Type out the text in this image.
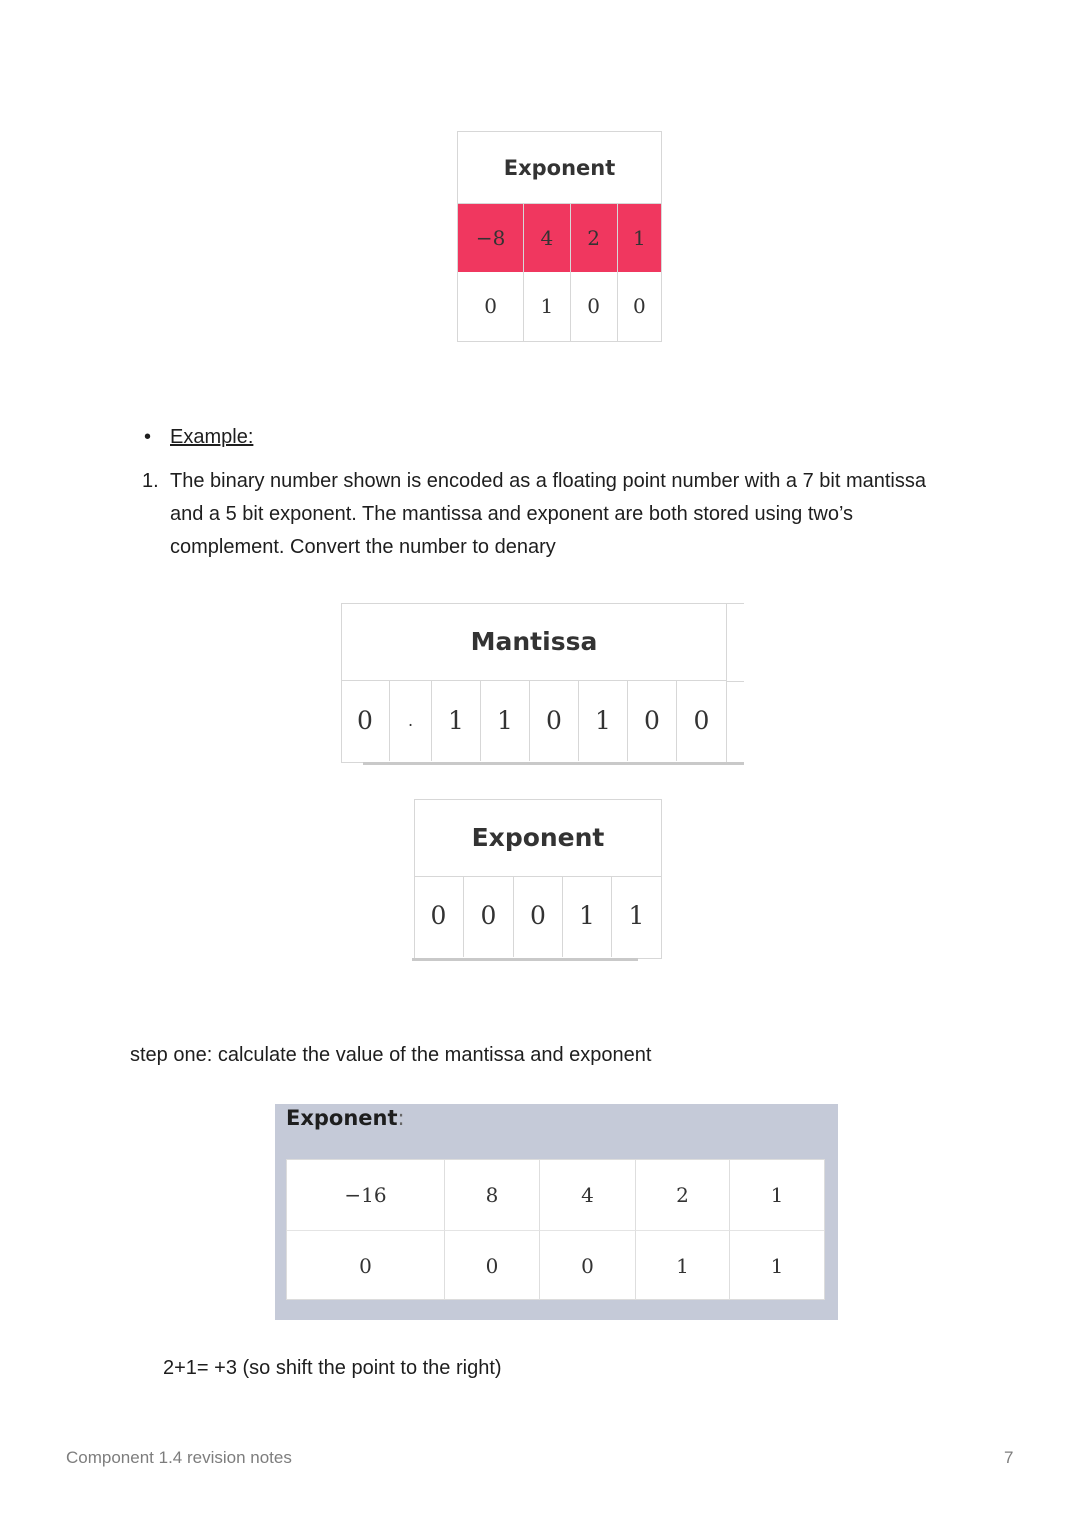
Exponent			
−8	4	2	1
0	1	0	0
• Example:
1. The binary number shown is encoded as a floating point number with a 7 bit mantissa and a 5 bit exponent. The mantissa and exponent are both stored using two’s complement. Convert the number to denary
Mantissa
0	.	1	1	0	1	0	0
Exponent
0	0	0	1	1
step one: calculate the value of the mantissa and exponent
Exponent:
−16	8	4	2	1
0	0	0	1	1
2+1= +3 (so shift the point to the right)
Component 1.4 revision notes	7
